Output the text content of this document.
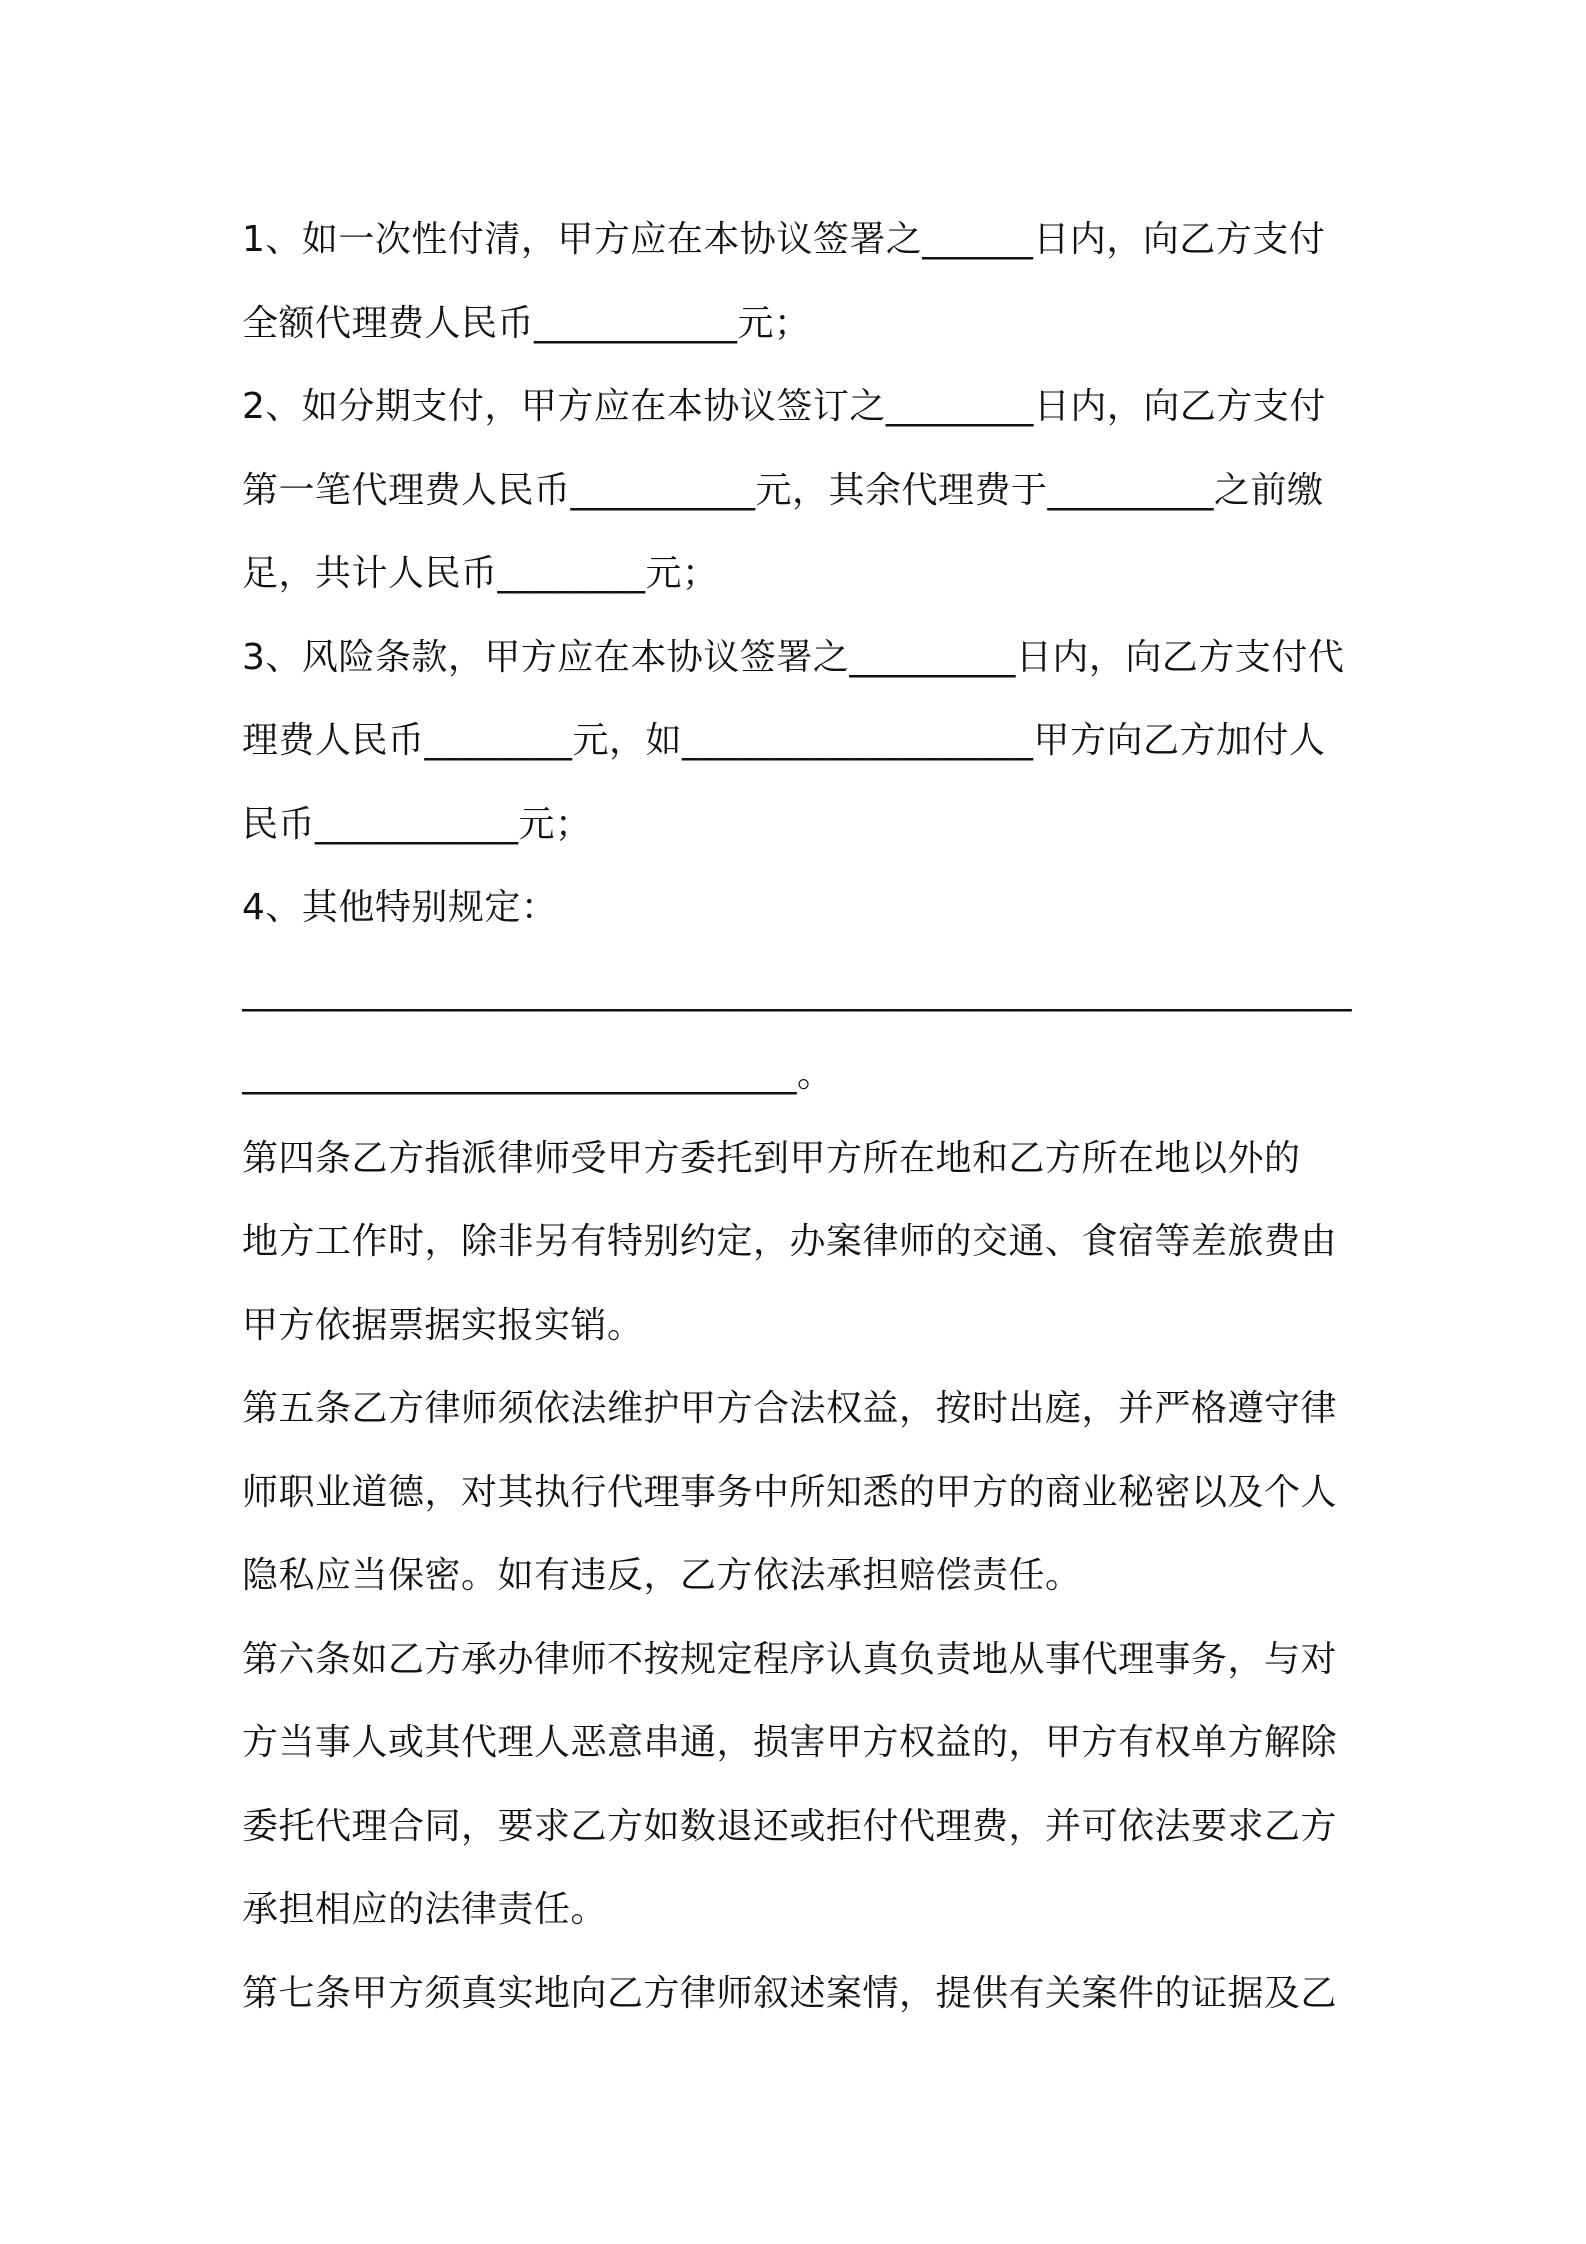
1、如一次性付清，甲方应在本协议签署之______日内，向乙方支付
全额代理费人民币___________元；
2、如分期支付，甲方应在本协议签订之________日内，向乙方支付
第一笔代理费人民币__________元，其余代理费于_________之前缴
足，共计人民币________元；
3、风险条款，甲方应在本协议签署之_________日内，向乙方支付代
理费人民币________元，如___________________甲方向乙方加付人
民币___________元；
4、其他特别规定：
____________________________________________________________
______________________________。
第四条乙方指派律师受甲方委托到甲方所在地和乙方所在地以外的
地方工作时，除非另有特别约定，办案律师的交通、食宿等差旅费由
甲方依据票据实报实销。
第五条乙方律师须依法维护甲方合法权益，按时出庭，并严格遵守律
师职业道德，对其执行代理事务中所知悉的甲方的商业秘密以及个人
隐私应当保密。如有违反，乙方依法承担赔偿责任。
第六条如乙方承办律师不按规定程序认真负责地从事代理事务，与对
方当事人或其代理人恶意串通，损害甲方权益的，甲方有权单方解除
委托代理合同，要求乙方如数退还或拒付代理费，并可依法要求乙方
承担相应的法律责任。
第七条甲方须真实地向乙方律师叙述案情，提供有关案件的证据及乙
